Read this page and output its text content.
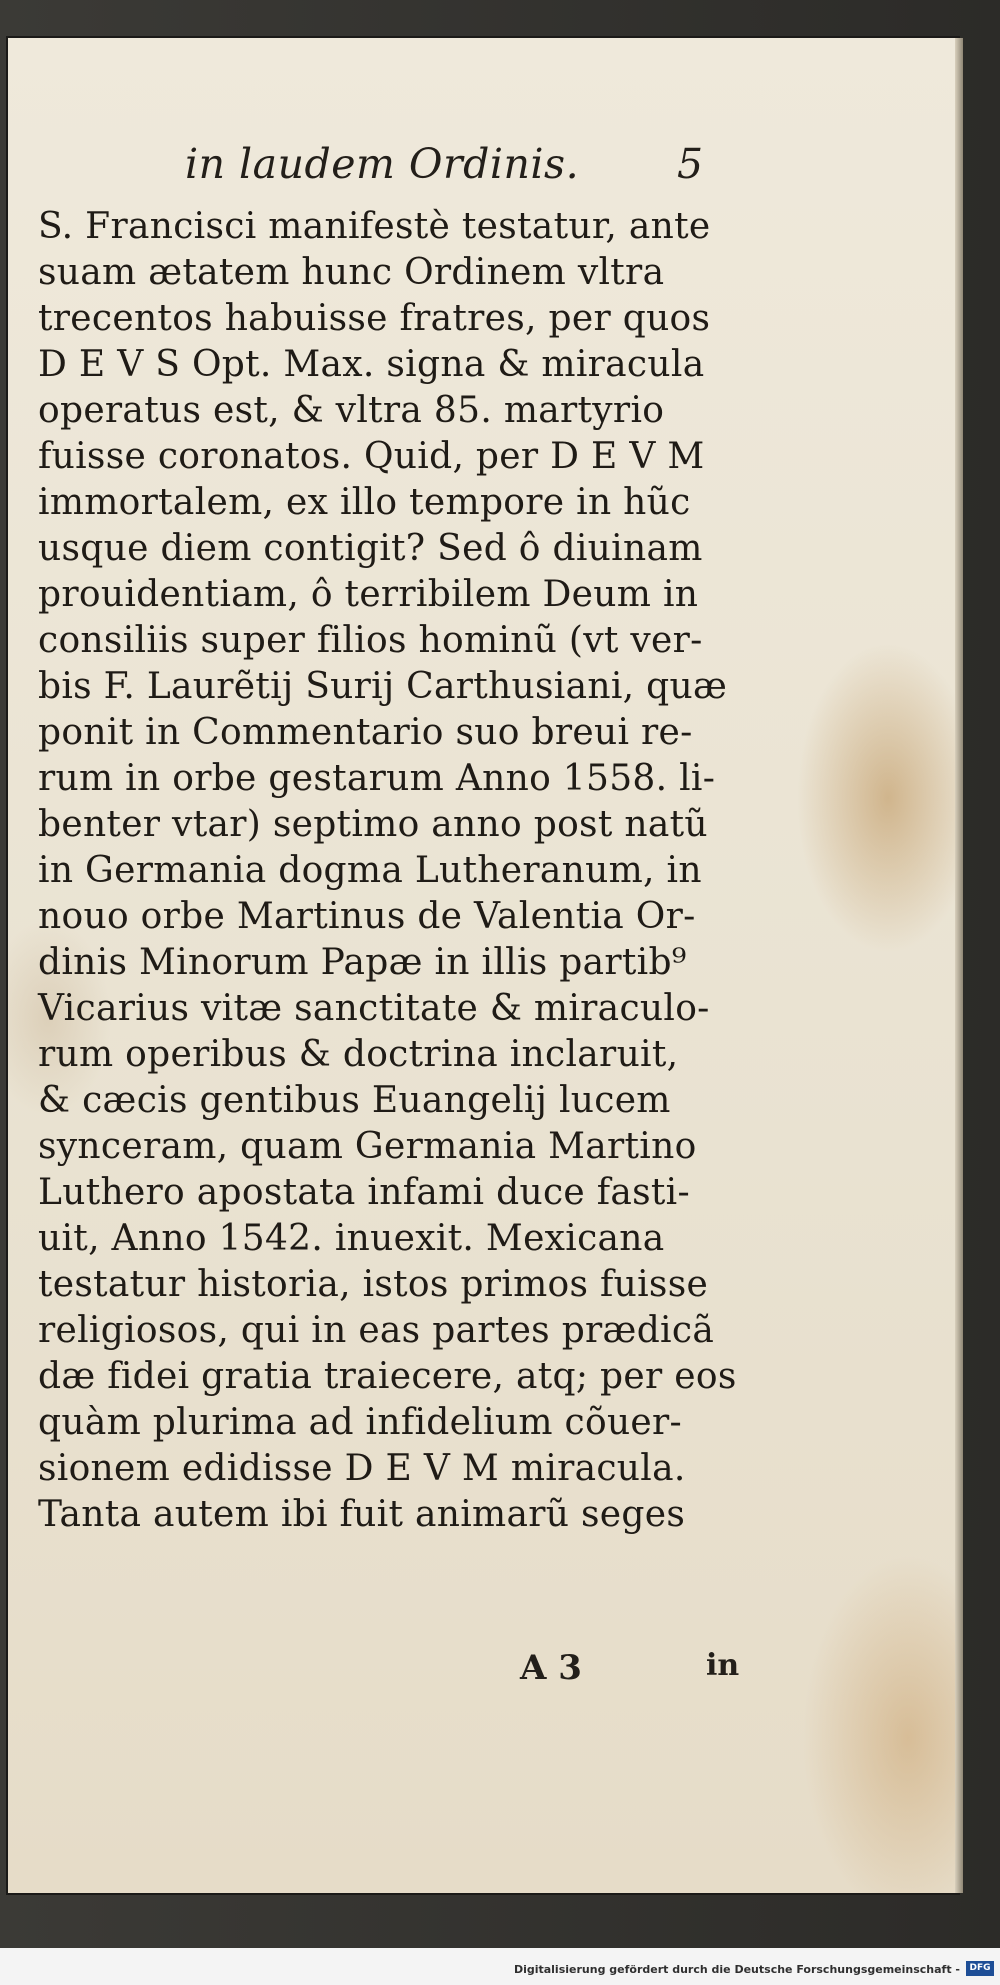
in laudem Ordinis. 5
S. Francisci manifestè testatur, ante
suam ætatem hunc Ordinem vltra
trecentos habuisse fratres, per quos
D E V S Opt. Max. signa & miracula
operatus est, & vltra 85. martyrio
fuisse coronatos. Quid, per D E V M
immortalem, ex illo tempore in hũc
usque diem contigit? Sed ô diuinam
prouidentiam, ô terribilem Deum in
consiliis super filios hominũ (vt ver-
bis F. Laurẽtij Surij Carthusiani, quæ
ponit in Commentario suo breui re-
rum in orbe gestarum Anno 1558. li-
benter vtar) septimo anno post natũ
in Germania dogma Lutheranum, in
nouo orbe Martinus de Valentia Or-
dinis Minorum Papæ in illis partib⁹
Vicarius vitæ sanctitate & miraculo-
rum operibus & doctrina inclaruit,
& cæcis gentibus Euangelij lucem
synceram, quam Germania Martino
Luthero apostata infami duce fasti-
uit, Anno 1542. inuexit. Mexicana
testatur historia, istos primos fuisse
religiosos, qui in eas partes prædicã
dæ fidei gratia traiecere, atq; per eos
quàm plurima ad infidelium cõuer-
sionem edidisse D E V M miracula.
Tanta autem ibi fuit animarũ seges
A 3	in
Digitalisierung gefördert durch die Deutsche Forschungsgemeinschaft -	DFG
